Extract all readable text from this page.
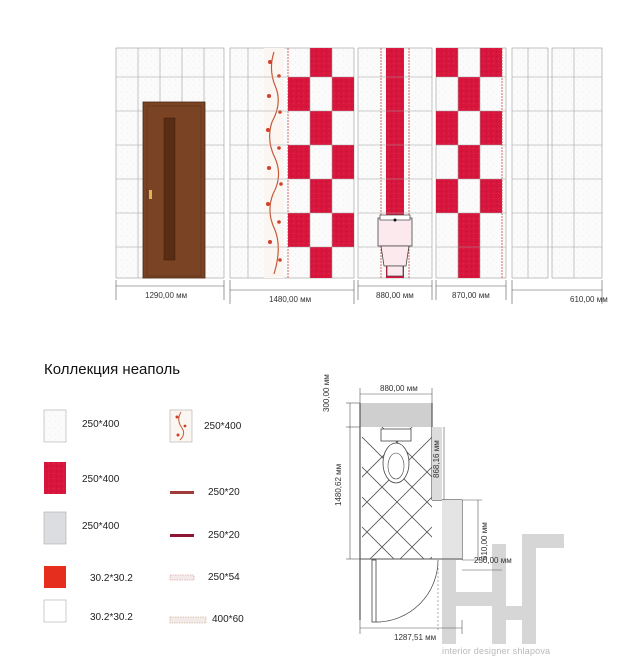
1290,00 мм	1480,00 мм	880,00 мм	870,00 мм	610,00 мм
Коллекция неаполь
250*400
250*400
250*400
30.2*30.2
30.2*30.2
250*400
250*20
250*20
250*54
400*60
880,00 мм
300,00 мм
1480,62 мм
868,16 мм
610,00 мм
250,00 мм
1287,51 мм
interior designer shlapova
